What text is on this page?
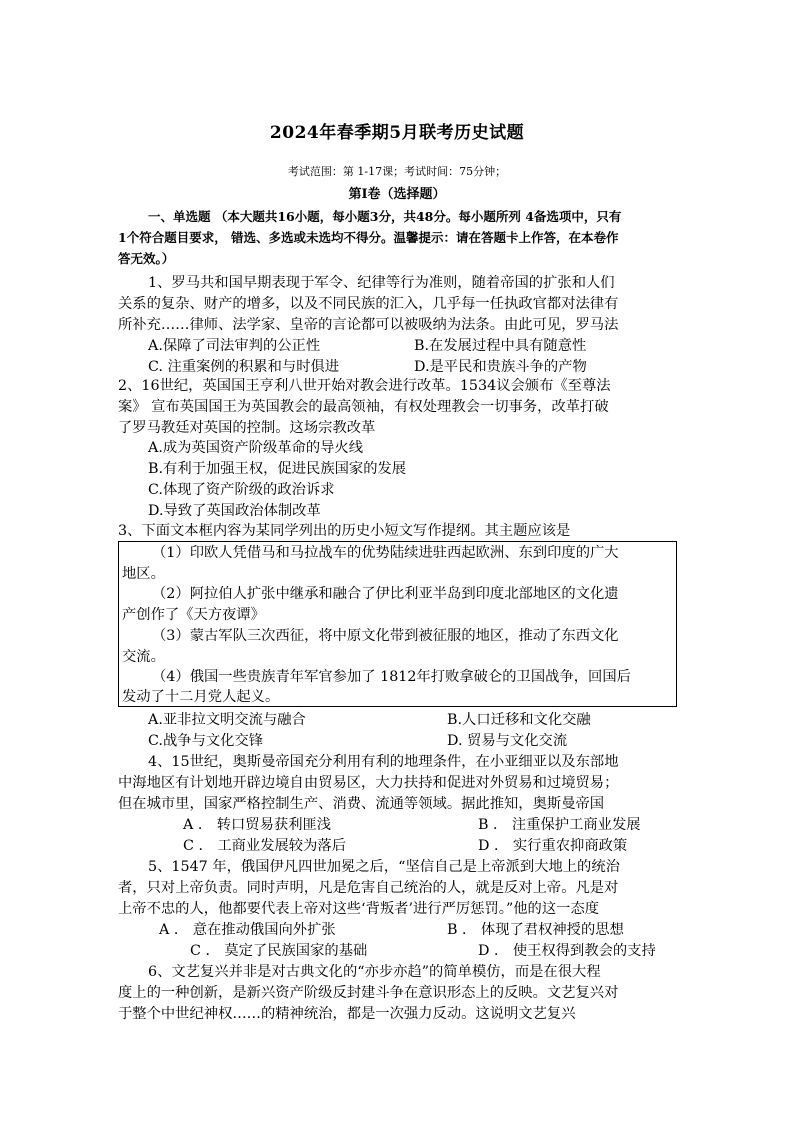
2024年春季期5月联考历史试题
考试范围：第 1-17课；考试时间：75分钟；
第Ⅰ卷（选择题）
一、单选题 （本大题共16小题，每小题3分，共48分。每小题所列 4备选项中，只有
1个符合题目要求， 错选、多选或未选均不得分。温馨提示：请在答题卡上作答，在本卷作
答无效。）
1、罗马共和国早期表现于军令、纪律等行为准则，随着帝国的扩张和人们
关系的复杂、财产的增多，以及不同民族的汇入，几乎每一任执政官都对法律有
所补充……律师、法学家、皇帝的言论都可以被吸纳为法条。由此可见，罗马法
A.保障了司法审判的公正性	B.在发展过程中具有随意性
C. 注重案例的积累和与时俱进	D.是平民和贵族斗争的产物
2、16世纪，英国国王亨利八世开始对教会进行改革。1534议会颁布《至尊法
案》 宣布英国国王为英国教会的最高领袖，有权处理教会一切事务，改革打破
了罗马教廷对英国的控制。这场宗教改革
A.成为英国资产阶级革命的导火线
B.有利于加强王权，促进民族国家的发展
C.体现了资产阶级的政治诉求
D.导致了英国政治体制改革
3、下面文本框内容为某同学列出的历史小短文写作提纲。其主题应该是
（1）印欧人凭借马和马拉战车的优势陆续进驻西起欧洲、东到印度的广大
地区。
（2）阿拉伯人扩张中继承和融合了伊比利亚半岛到印度北部地区的文化遗
产创作了《天方夜谭》
（3）蒙古军队三次西征，将中原文化带到被征服的地区，推动了东西文化
交流。
（4）俄国一些贵族青年军官参加了 1812年打败拿破仑的卫国战争，回国后
发动了十二月党人起义。
A.亚非拉文明交流与融合	B.人口迁移和文化交融
C.战争与文化交锋	D. 贸易与文化交流
4、15世纪，奥斯曼帝国充分利用有利的地理条件，在小亚细亚以及东部地
中海地区有计划地开辟边境自由贸易区，大力扶持和促进对外贸易和过境贸易；
但在城市里，国家严格控制生产、消费、流通等领域。据此推知，奥斯曼帝国
A ． 转口贸易获利匪浅	B ． 注重保护工商业发展
C ． 工商业发展较为落后	D ． 实行重农抑商政策
5、1547 年，俄国伊凡四世加冕之后，“坚信自己是上帝派到大地上的统治
者，只对上帝负责。同时声明，凡是危害自己统治的人，就是反对上帝。凡是对
上帝不忠的人，他都要代表上帝对这些‘背叛者’进行严厉惩罚。”他的这一态度
A ． 意在推动俄国向外扩张	B ． 体现了君权神授的思想
C ． 莫定了民族国家的基础	D ． 使王权得到教会的支持
6、文艺复兴并非是对古典文化的“亦步亦趋”的简单模仿，而是在很大程
度上的一种创新，是新兴资产阶级反封建斗争在意识形态上的反映。文艺复兴对
于整个中世纪神权……的精神统治，都是一次强力反动。这说明文艺复兴
